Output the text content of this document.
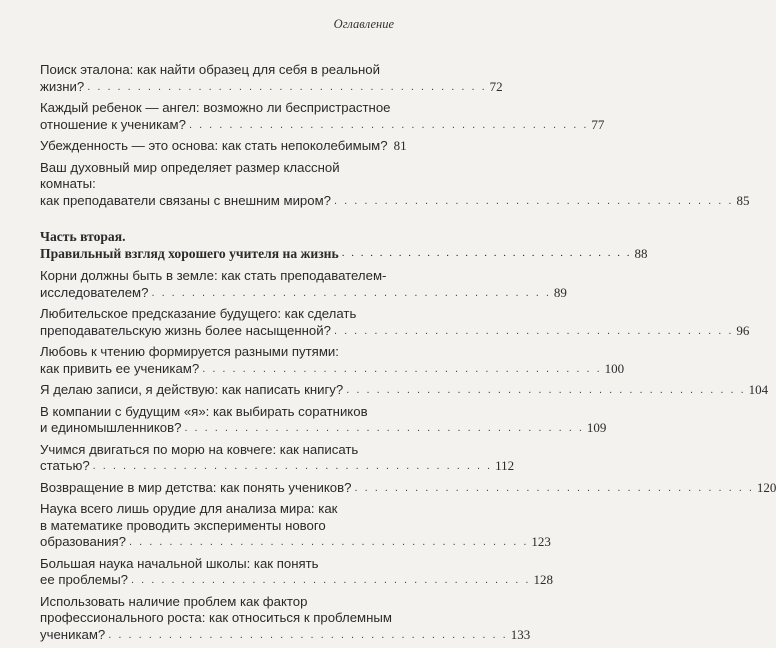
Оглавление
Поиск эталона: как найти образец для себя в реальной
жизни? . . . . . . . . . . . . . . . . . . . . . . . . . . . . . . . . . . . . . . . . 72
Каждый ребенок — ангел: возможно ли беспристрастное
отношение к ученикам? . . . . . . . . . . . . . . . . . . . . . . . . . . . . . . . . . . . . . . . . 77
Убежденность — это основа: как стать непоколебимым? 81
Ваш духовный мир определяет размер классной комнаты:
как преподаватели связаны с внешним миром? . . . . . . . . . . . . . . . . . . . . . . . . . . . . . . . . . . . . . . . . 85
Часть вторая.
Правильный взгляд хорошего учителя на жизнь . . . . . . . . . . . . . . . . . . . . . . . . . . . . . . . 88
Корни должны быть в земле: как стать преподавателем-
исследователем? . . . . . . . . . . . . . . . . . . . . . . . . . . . . . . . . . . . . . . . . 89
Любительское предсказание будущего: как сделать
преподавательскую жизнь более насыщенной? . . . . . . . . . . . . . . . . . . . . . . . . . . . . . . . . . . . . . . . . 96
Любовь к чтению формируется разными путями:
как привить ее ученикам? . . . . . . . . . . . . . . . . . . . . . . . . . . . . . . . . . . . . . . . . 100
Я делаю записи, я действую: как написать книгу? . . . . . . . . . . . . . . . . . . . . . . . . . . . . . . . . . . . . . . . . 104
В компании с будущим «я»: как выбирать соратников
и единомышленников? . . . . . . . . . . . . . . . . . . . . . . . . . . . . . . . . . . . . . . . . 109
Учимся двигаться по морю на ковчеге: как написать
статью? . . . . . . . . . . . . . . . . . . . . . . . . . . . . . . . . . . . . . . . . 112
Возвращение в мир детства: как понять учеников? . . . . . . . . . . . . . . . . . . . . . . . . . . . . . . . . . . . . . . . . 120
Наука всего лишь орудие для анализа мира: как
в математике проводить эксперименты нового
образования? . . . . . . . . . . . . . . . . . . . . . . . . . . . . . . . . . . . . . . . . 123
Большая наука начальной школы: как понять
ее проблемы? . . . . . . . . . . . . . . . . . . . . . . . . . . . . . . . . . . . . . . . . 128
Использовать наличие проблем как фактор
профессионального роста: как относиться к проблемным
ученикам? . . . . . . . . . . . . . . . . . . . . . . . . . . . . . . . . . . . . . . . . 133
